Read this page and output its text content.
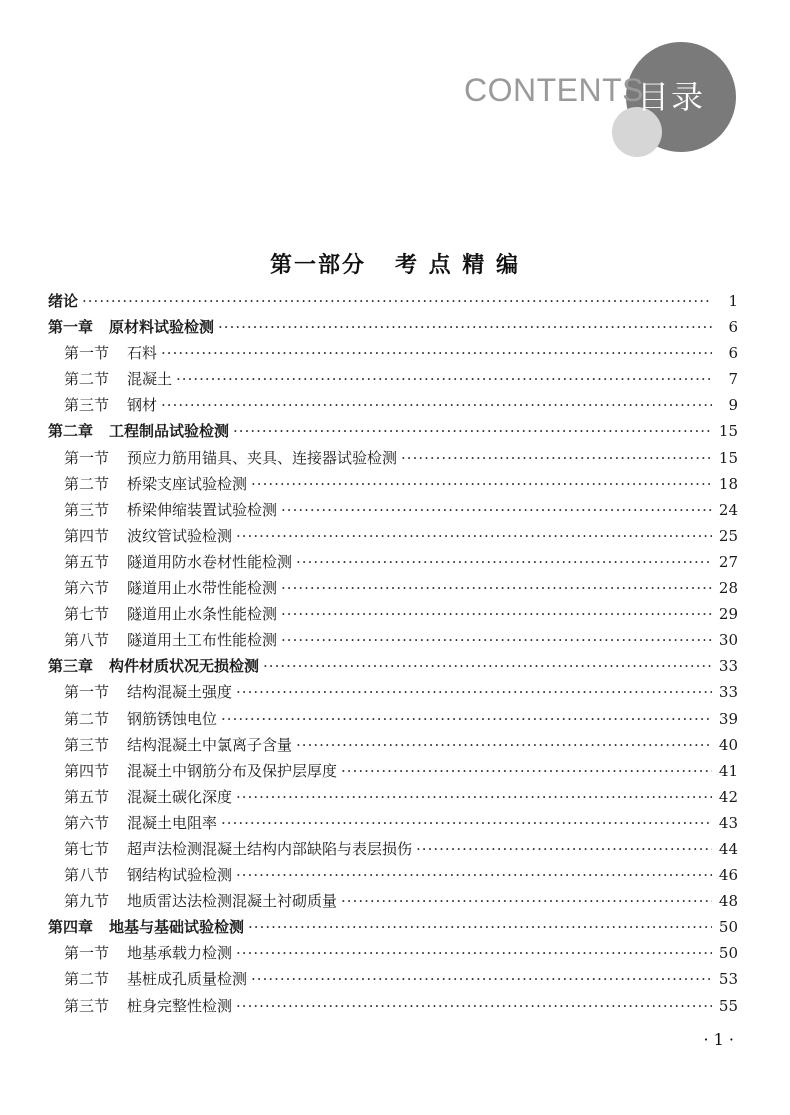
CONTENTS
目录
第一部分   考 点 精 编
绪论 ·····	1
第一章 原材料试验检测 ·····	6
第一节 石料 ·····	6
第二节 混凝土 ·····	7
第三节 钢材 ·····	9
第二章 工程制品试验检测 ·····	15
第一节 预应力筋用锚具、夹具、连接器试验检测 ·····	15
第二节 桥梁支座试验检测 ·····	18
第三节 桥梁伸缩装置试验检测 ·····	24
第四节 波纹管试验检测 ·····	25
第五节 隧道用防水卷材性能检测 ·····	27
第六节 隧道用止水带性能检测 ·····	28
第七节 隧道用止水条性能检测 ·····	29
第八节 隧道用土工布性能检测 ·····	30
第三章 构件材质状况无损检测 ·····	33
第一节 结构混凝土强度 ·····	33
第二节 钢筋锈蚀电位 ·····	39
第三节 结构混凝土中氯离子含量 ·····	40
第四节 混凝土中钢筋分布及保护层厚度 ·····	41
第五节 混凝土碳化深度 ·····	42
第六节 混凝土电阻率 ·····	43
第七节 超声法检测混凝土结构内部缺陷与表层损伤 ·····	44
第八节 钢结构试验检测 ·····	46
第九节 地质雷达法检测混凝土衬砌质量 ·····	48
第四章 地基与基础试验检测 ·····	50
第一节 地基承载力检测 ·····	50
第二节 基桩成孔质量检测 ·····	53
第三节 桩身完整性检测 ·····	55
· 1 ·
